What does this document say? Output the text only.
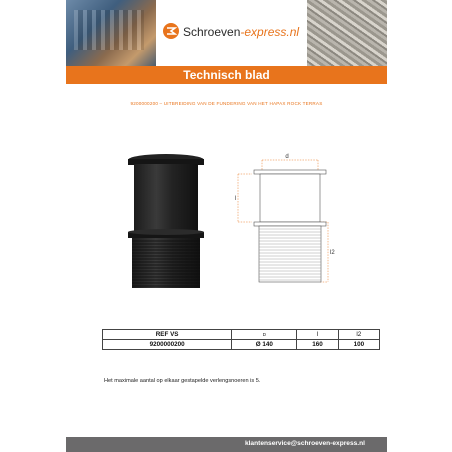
Schroeven-express.nl
Technisch blad
9200000200 – UITBREIDING VAN DE FUNDERING VAN HET HAPAX ROCK TERRAS
d
l
l2
REF VS	D	l	l2
9200000200	Ø 140	160	100
Het maximale aantal op elkaar gestapelde verlengsnoeren is 5.
klantenservice@schroeven-express.nl
